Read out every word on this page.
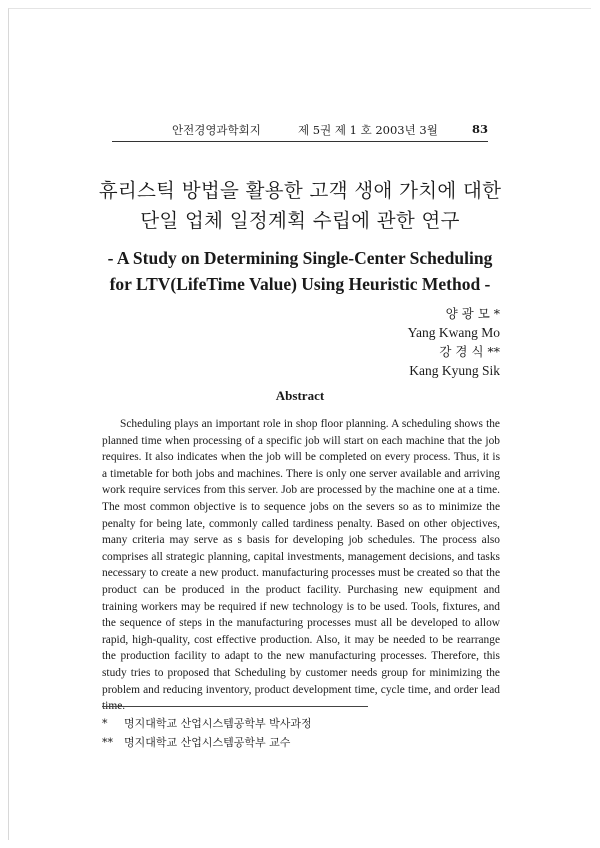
안전경영과학회지	제 5권 제 1 호 2003년 3월	83
휴리스틱 방법을 활용한 고객 생애 가치에 대한
단일 업체 일정계획 수립에 관한 연구
- A Study on Determining Single-Center Scheduling
for LTV(LifeTime Value) Using Heuristic Method -
양 광 모 *
Yang Kwang Mo
강 경 식 **
Kang Kyung Sik
Abstract

Scheduling plays an important role in shop floor planning. A scheduling shows the planned time when processing of a specific job will start on each machine that the job requires. It also indicates when the job will be completed on every process. Thus, it is a timetable for both jobs and machines. There is only one server available and arriving work require services from this server. Job are processed by the machine one at a time. The most common objective is to sequence jobs on the severs so as to minimize the penalty for being late, commonly called tardiness penalty. Based on other objectives, many criteria may serve as s basis for developing job schedules. The process also comprises all strategic planning, capital investments, management decisions, and tasks necessary to create a new product. manufacturing processes must be created so that the product can be produced in the product facility. Purchasing new equipment and training workers may be required if new technology is to be used. Tools, fixtures, and the sequence of steps in the manufacturing processes must all be developed to allow rapid, high-quality, cost effective production. Also, it may be needed to be rearrange the production facility to adapt to the new manufacturing processes. Therefore, this study tries to proposed that Scheduling by customer needs group for minimizing the problem and reducing inventory, product development time, cycle time, and order lead time.

* 명지대학교 산업시스템공학부 박사과정
** 명지대학교 산업시스템공학부 교수
